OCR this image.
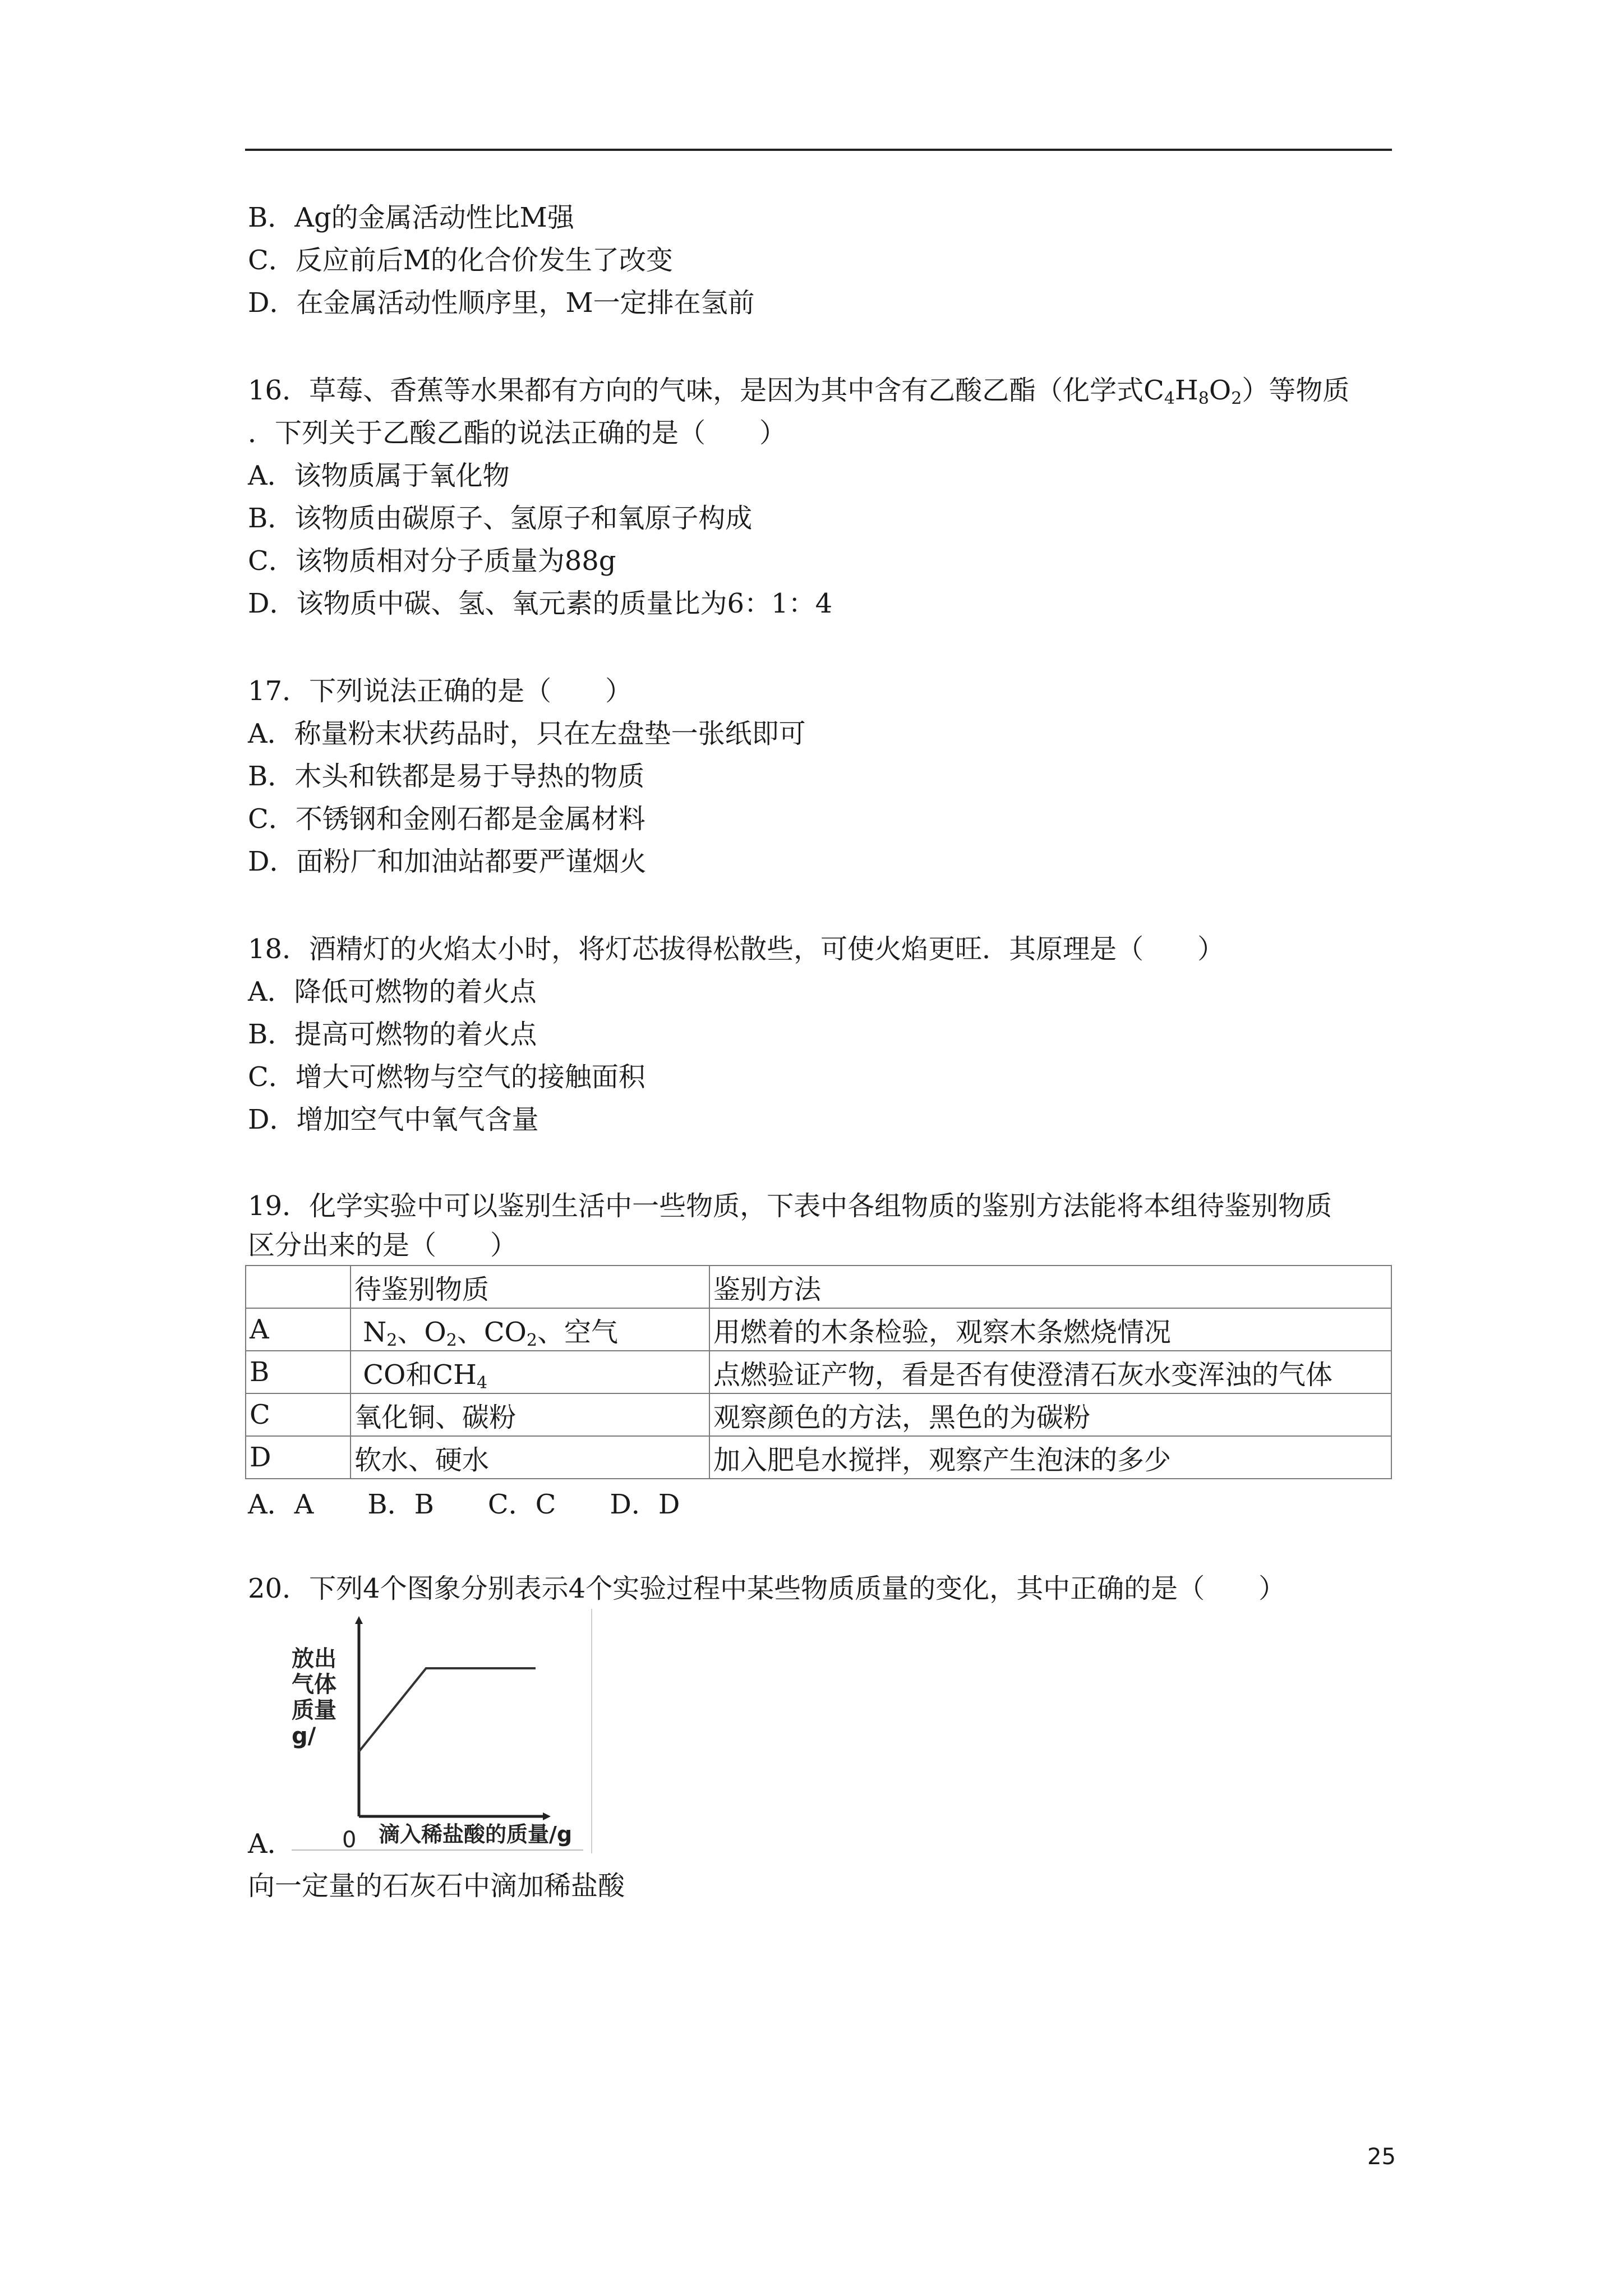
B．Ag的金属活动性比M强
C．反应前后M的化合价发生了改变
D．在金属活动性顺序里，M一定排在氢前
16．草莓、香蕉等水果都有方向的气味，是因为其中含有乙酸乙酯（化学式$C_4H_8O_2$）等物质
．下列关于乙酸乙酯的说法正确的是（　　）
A．该物质属于氧化物
B．该物质由碳原子、氢原子和氧原子构成
C．该物质相对分子质量为88g
D．该物质中碳、氢、氧元素的质量比为6：1：4
17．下列说法正确的是（　　）
A．称量粉末状药品时，只在左盘垫一张纸即可
B．木头和铁都是易于导热的物质
C．不锈钢和金刚石都是金属材料
D．面粉厂和加油站都要严谨烟火
18．酒精灯的火焰太小时，将灯芯拔得松散些，可使火焰更旺．其原理是（　　）
A．降低可燃物的着火点
B．提高可燃物的着火点
C．增大可燃物与空气的接触面积
D．增加空气中氧气含量
19．化学实验中可以鉴别生活中一些物质，下表中各组物质的鉴别方法能将本组待鉴别物质
区分出来的是（　　）
	待鉴别物质	鉴别方法
A	$N_2$、$O_2$、$CO_2$、空气	用燃着的木条检验，观察木条燃烧情况
B	CO和$CH_4$	点燃验证产物，看是否有使澄清石灰水变浑浊的气体
C	氧化铜、碳粉	观察颜色的方法，黑色的为碳粉
D	软水、硬水	加入肥皂水搅拌，观察产生泡沫的多少
A．A　　B．B　　C．C　　D．D
20．下列4个图象分别表示4个实验过程中某些物质质量的变化，其中正确的是（　　）
放出
气体
质量
g/
0 滴入稀盐酸的质量/g
A．
向一定量的石灰石中滴加稀盐酸
25
